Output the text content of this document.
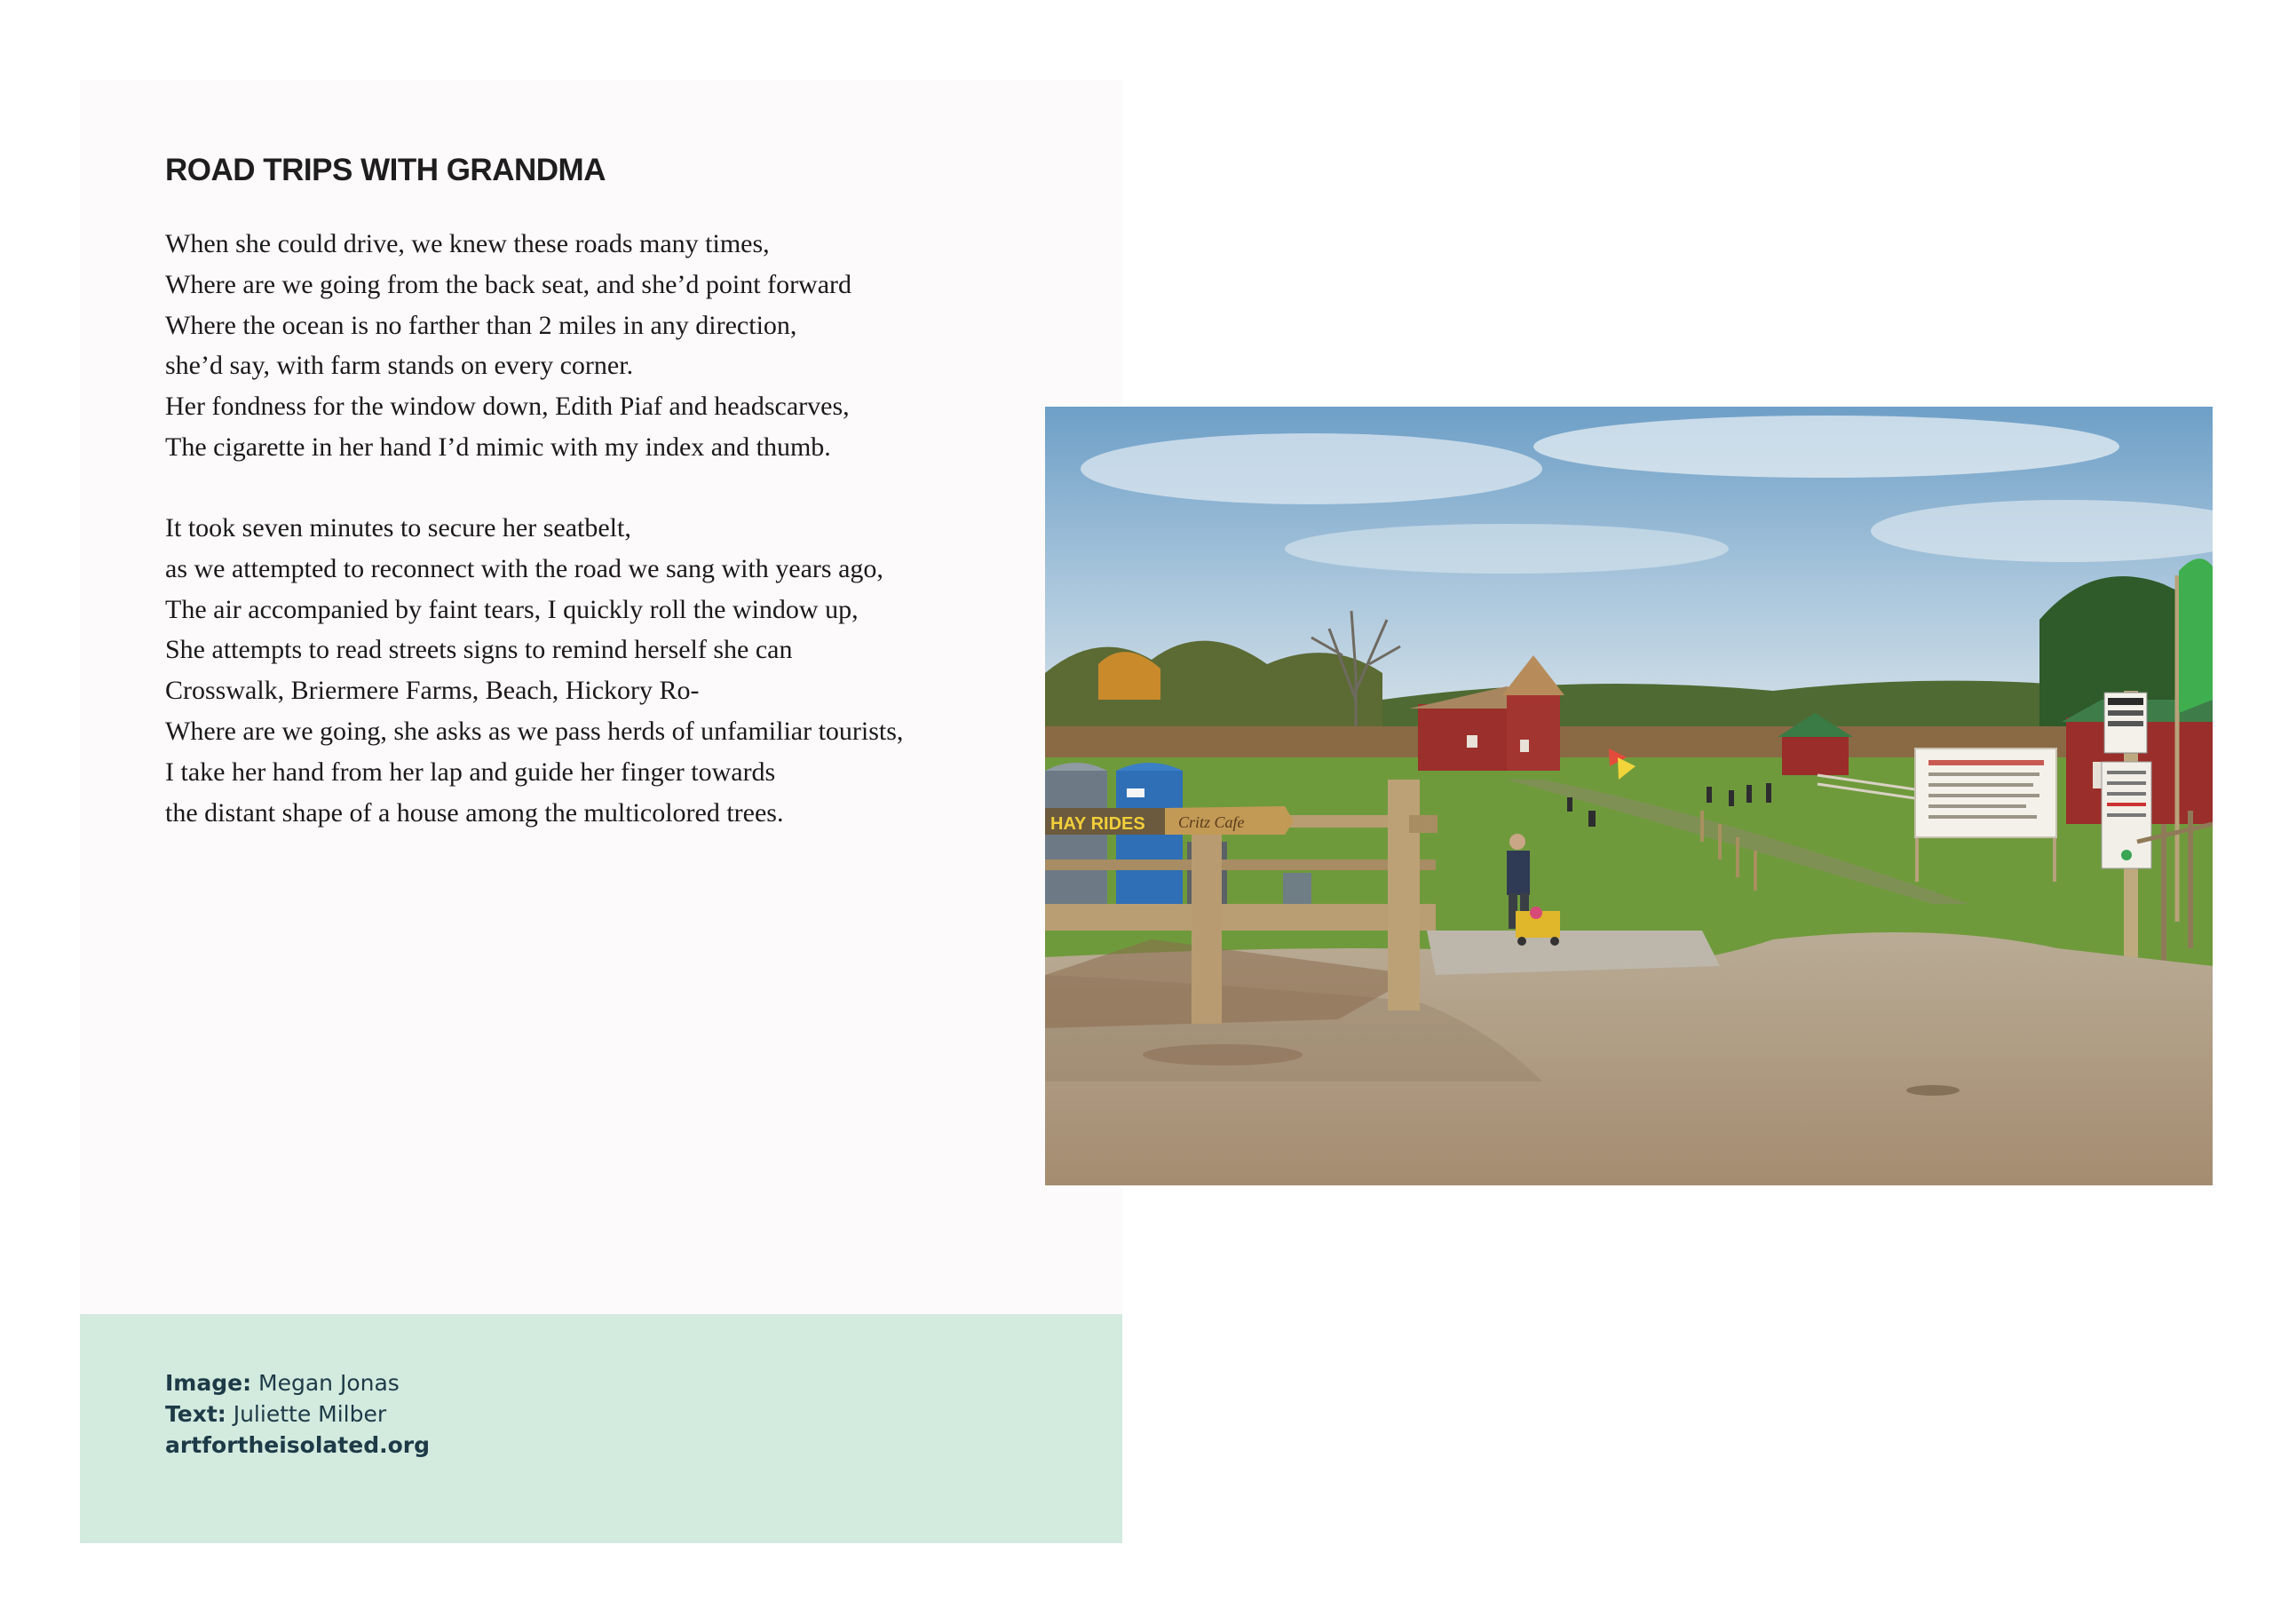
ROAD TRIPS WITH GRANDMA

When she could drive, we knew these roads many times,
Where are we going from the back seat, and she’d point forward
Where the ocean is no farther than 2 miles in any direction,
she’d say, with farm stands on every corner.
Her fondness for the window down, Edith Piaf and headscarves,
The cigarette in her hand I’d mimic with my index and thumb.

It took seven minutes to secure her seatbelt,
as we attempted to reconnect with the road we sang with years ago,
The air accompanied by faint tears, I quickly roll the window up,
She attempts to read streets signs to remind herself she can
Crosswalk, Briermere Farms, Beach, Hickory Ro-
Where are we going, she asks as we pass herds of unfamiliar tourists,
I take her hand from her lap and guide her finger towards
the distant shape of a house among the multicolored trees.

Image: Megan Jonas
Text: Juliette Milber
artfortheisolated.org
HAY RIDES Critz Cafe
